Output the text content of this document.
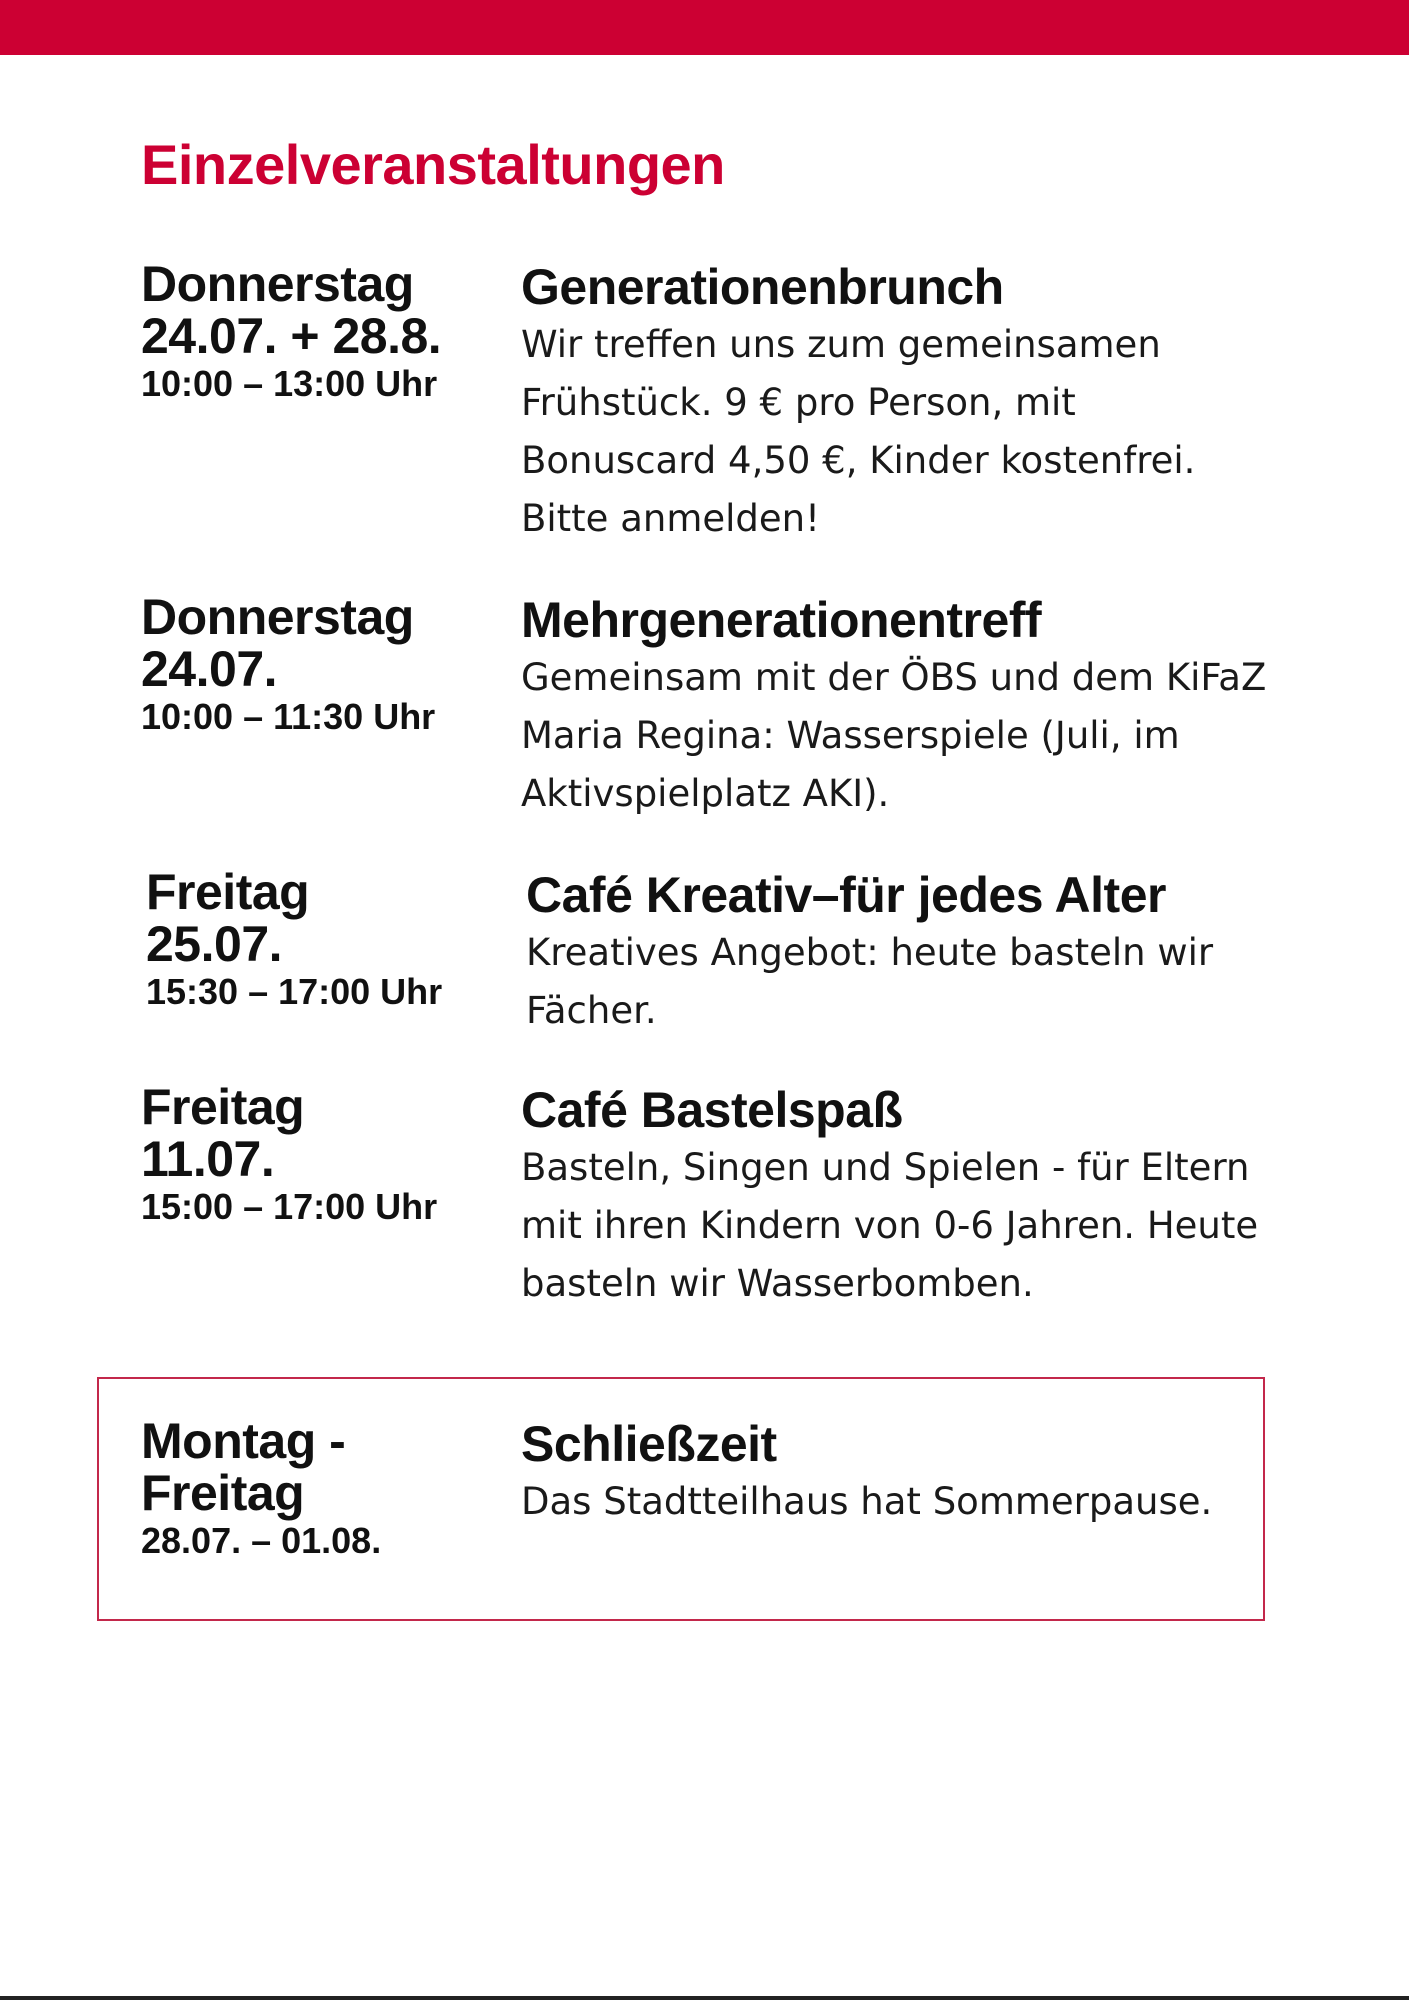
Einzelveranstaltungen
Donnerstag
24.07. + 28.8.
10:00 – 13:00 Uhr
Generationenbrunch
Wir treffen uns zum gemeinsamen Frühstück. 9 € pro Person, mit Bonuscard 4,50 €, Kinder kostenfrei. Bitte anmelden!
Donnerstag
24.07.
10:00 – 11:30 Uhr
Mehrgenerationentreff
Gemeinsam mit der ÖBS und dem KiFaZ Maria Regina: Wasserspiele (Juli, im Aktivspielplatz AKI).
Freitag
25.07.
15:30 – 17:00 Uhr
Café Kreativ–für jedes Alter
Kreatives Angebot: heute basteln wir Fächer.
Freitag
11.07.
15:00 – 17:00 Uhr
Café Bastelspaß
Basteln, Singen und Spielen - für Eltern mit ihren Kindern von 0-6 Jahren. Heute basteln wir Wasserbomben.
Montag -
Freitag
28.07. – 01.08.
Schließzeit
Das Stadtteilhaus hat Sommerpause.
